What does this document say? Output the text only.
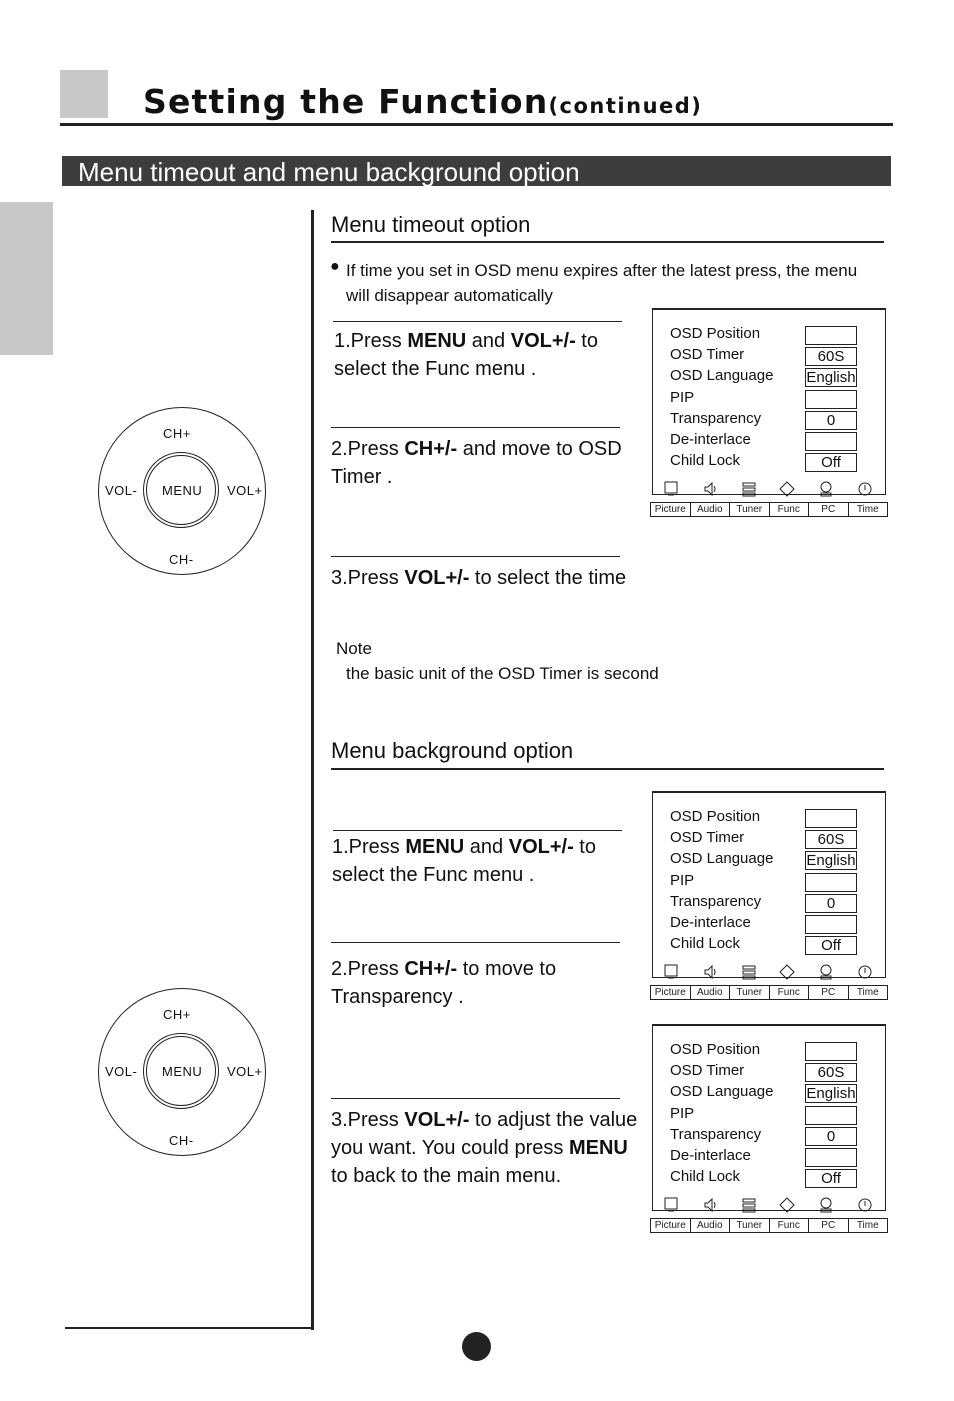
Setting the Function(continued)
Menu timeout and menu background option
Menu timeout option
● If time you set in OSD menu expires after the latest press, the menu will disappear automatically
1.Press MENU and VOL+/- to select the Func menu .
2.Press CH+/- and move to OSD Timer .
3.Press VOL+/- to select the time
Note
the basic unit of the OSD Timer is second
Menu background option
1.Press MENU and VOL+/- to select the Func menu .
2.Press CH+/- to move to Transparency .
3.Press VOL+/- to adjust the value you want. You could press MENU to back to the main menu.
CH+
CH-
VOL-	VOL+
MENU
CH+
CH-
VOL-	VOL+
MENU
OSD Position
OSD Timer	60S
OSD Language English
PIP
Transparency	0
De-interlace
Child Lock	Off
Picture	Audio	Tuner	Func	PC	Time
OSD Position
OSD Timer	60S
OSD Language English
PIP
Transparency	0
De-interlace
Child Lock	Off
Picture	Audio	Tuner	Func	PC	Time
OSD Position
OSD Timer	60S
OSD Language English
PIP
Transparency	0
De-interlace
Child Lock	Off
Picture	Audio	Tuner	Func	PC	Time
